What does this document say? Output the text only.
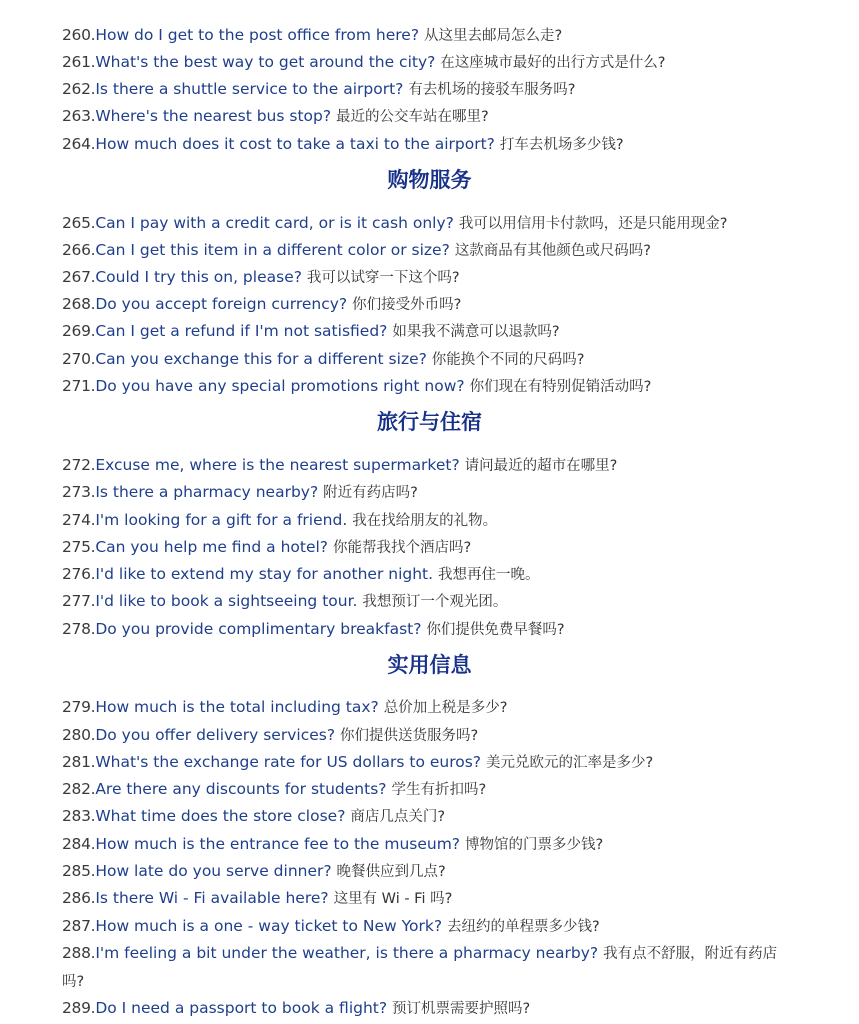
260.How do I get to the post office from here? 从这里去邮局怎么走?
261.What's the best way to get around the city? 在这座城市最好的出行方式是什么?
262.Is there a shuttle service to the airport? 有去机场的接驳车服务吗?
263.Where's the nearest bus stop? 最近的公交车站在哪里?
264.How much does it cost to take a taxi to the airport? 打车去机场多少钱?
购物服务
265.Can I pay with a credit card, or is it cash only? 我可以用信用卡付款吗，还是只能用现金?
266.Can I get this item in a different color or size? 这款商品有其他颜色或尺码吗?
267.Could I try this on, please? 我可以试穿一下这个吗?
268.Do you accept foreign currency? 你们接受外币吗?
269.Can I get a refund if I'm not satisfied? 如果我不满意可以退款吗?
270.Can you exchange this for a different size? 你能换个不同的尺码吗?
271.Do you have any special promotions right now? 你们现在有特别促销活动吗?
旅行与住宿
272.Excuse me, where is the nearest supermarket? 请问最近的超市在哪里?
273.Is there a pharmacy nearby? 附近有药店吗?
274.I'm looking for a gift for a friend. 我在找给朋友的礼物。
275.Can you help me find a hotel? 你能帮我找个酒店吗?
276.I'd like to extend my stay for another night. 我想再住一晚。
277.I'd like to book a sightseeing tour. 我想预订一个观光团。
278.Do you provide complimentary breakfast? 你们提供免费早餐吗?
实用信息
279.How much is the total including tax? 总价加上税是多少?
280.Do you offer delivery services? 你们提供送货服务吗?
281.What's the exchange rate for US dollars to euros? 美元兑欧元的汇率是多少?
282.Are there any discounts for students? 学生有折扣吗?
283.What time does the store close? 商店几点关门?
284.How much is the entrance fee to the museum? 博物馆的门票多少钱?
285.How late do you serve dinner? 晚餐供应到几点?
286.Is there Wi - Fi available here? 这里有 Wi - Fi 吗?
287.How much is a one - way ticket to New York? 去纽约的单程票多少钱?
288.I'm feeling a bit under the weather, is there a pharmacy nearby? 我有点不舒服，附近有药店吗?
289.Do I need a passport to book a flight? 预订机票需要护照吗?
